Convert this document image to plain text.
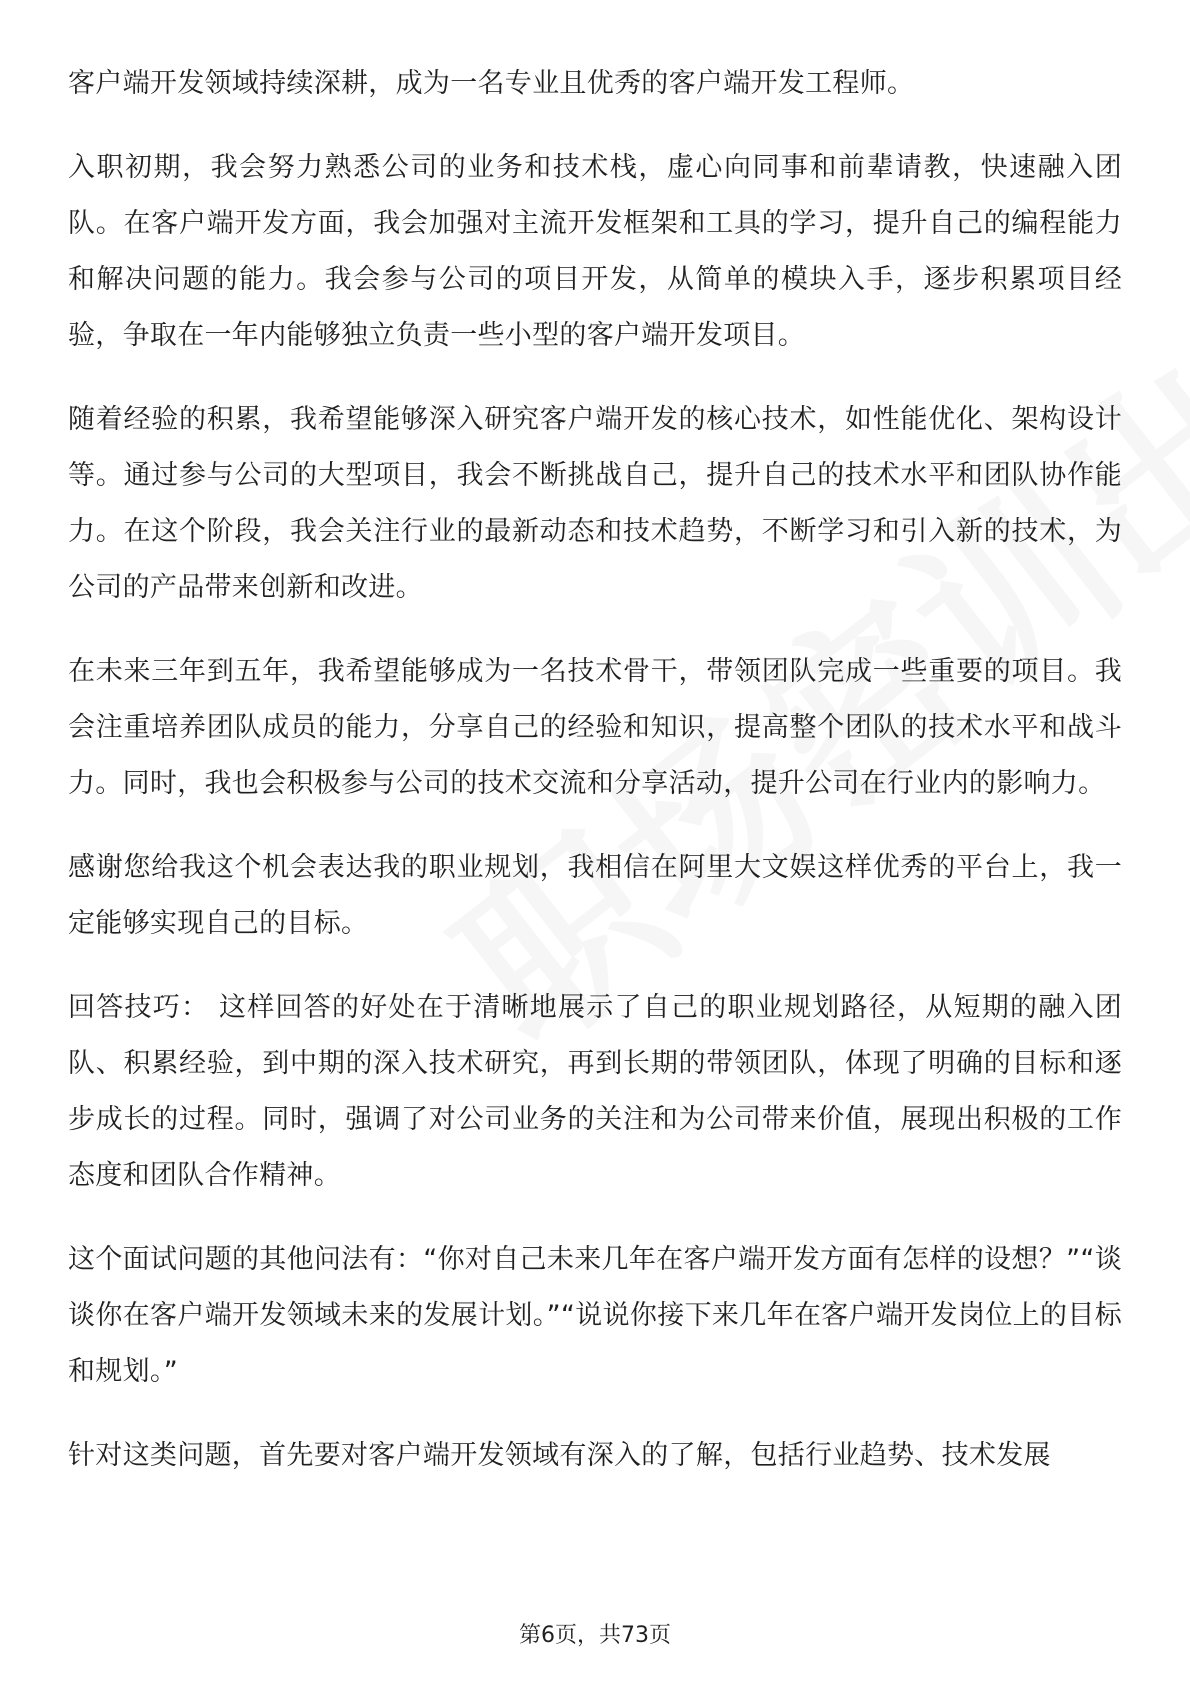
客户端开发领域持续深耕，成为一名专业且优秀的客户端开发工程师。

入职初期，我会努力熟悉公司的业务和技术栈，虚心向同事和前辈请教，快速融入团队。在客户端开发方面，我会加强对主流开发框架和工具的学习，提升自己的编程能力和解决问题的能力。我会参与公司的项目开发，从简单的模块入手，逐步积累项目经验，争取在一年内能够独立负责一些小型的客户端开发项目。

随着经验的积累，我希望能够深入研究客户端开发的核心技术，如性能优化、架构设计等。通过参与公司的大型项目，我会不断挑战自己，提升自己的技术水平和团队协作能力。在这个阶段，我会关注行业的最新动态和技术趋势，不断学习和引入新的技术，为公司的产品带来创新和改进。

在未来三年到五年，我希望能够成为一名技术骨干，带领团队完成一些重要的项目。我会注重培养团队成员的能力，分享自己的经验和知识，提高整个团队的技术水平和战斗力。同时，我也会积极参与公司的技术交流和分享活动，提升公司在行业内的影响力。

感谢您给我这个机会表达我的职业规划，我相信在阿里大文娱这样优秀的平台上，我一定能够实现自己的目标。

回答技巧： 这样回答的好处在于清晰地展示了自己的职业规划路径，从短期的融入团队、积累经验，到中期的深入技术研究，再到长期的带领团队，体现了明确的目标和逐步成长的过程。同时，强调了对公司业务的关注和为公司带来价值，展现出积极的工作态度和团队合作精神。

这个面试问题的其他问法有：“你对自己未来几年在客户端开发方面有怎样的设想？”“谈谈你在客户端开发领域未来的发展计划。”“说说你接下来几年在客户端开发岗位上的目标和规划。”

针对这类问题，首先要对客户端开发领域有深入的了解，包括行业趋势、技术发展

第6页，共73页
